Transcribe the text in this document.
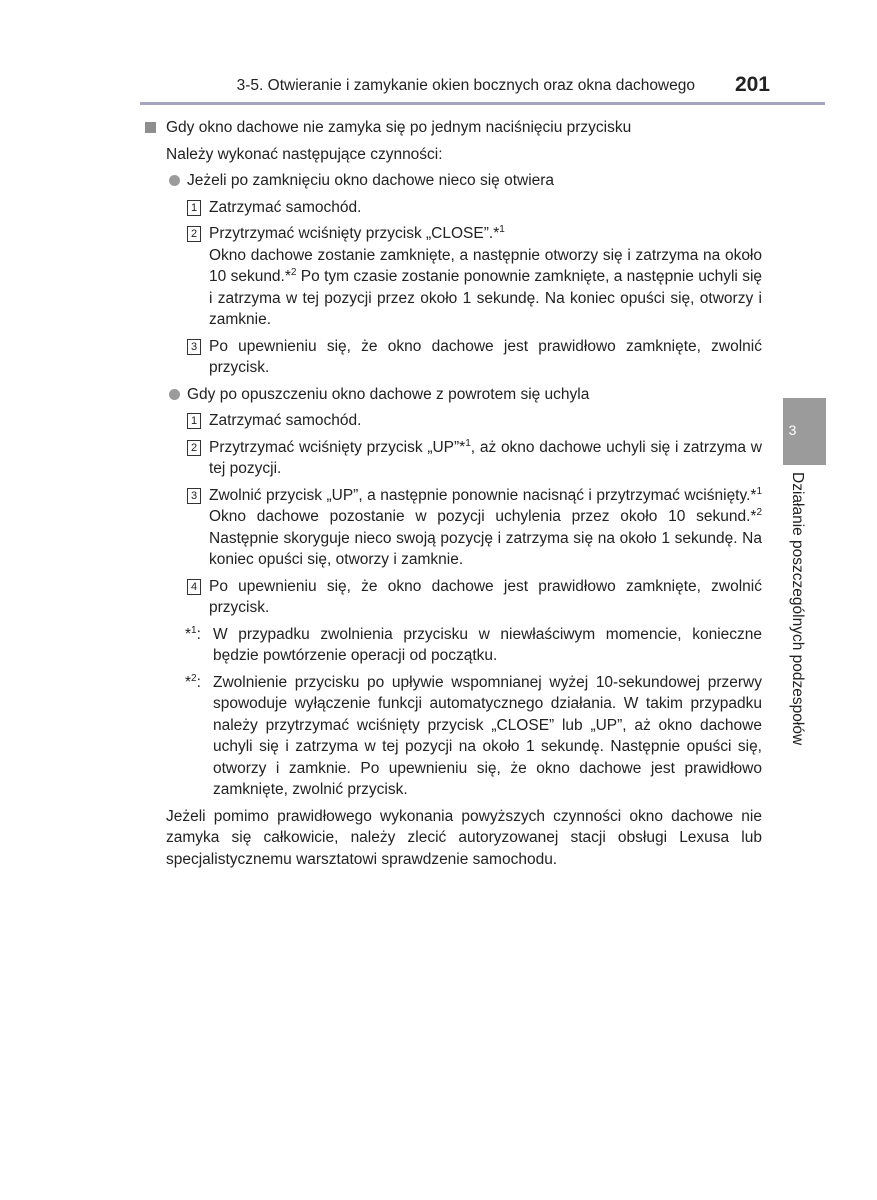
3-5. Otwieranie i zamykanie okien bocznych oraz okna dachowego	201
3
Działanie poszczególnych podzespołów
Gdy okno dachowe nie zamyka się po jednym naciśnięciu przycisku

Należy wykonać następujące czynności:

Jeżeli po zamknięciu okno dachowe nieco się otwiera
1 Zatrzymać samochód.
2 Przytrzymać wciśnięty przycisk „CLOSE”.*$^1$
Okno dachowe zostanie zamknięte, a następnie otworzy się i zatrzyma na około 10 sekund.*$^2$ Po tym czasie zostanie ponownie zamknięte, a następnie uchyli się i zatrzyma w tej pozycji przez około 1 sekundę. Na koniec opuści się, otworzy i zamknie.
3 Po upewnieniu się, że okno dachowe jest prawidłowo zamknięte, zwolnić przycisk.
Gdy po opuszczeniu okno dachowe z powrotem się uchyla
1 Zatrzymać samochód.
2 Przytrzymać wciśnięty przycisk „UP”*$^1$, aż okno dachowe uchyli się i zatrzyma w tej pozycji.
3 Zwolnić przycisk „UP”, a następnie ponownie nacisnąć i przytrzymać wciśnięty.*$^1$ Okno dachowe pozostanie w pozycji uchylenia przez około 10 sekund.*$^2$ Następnie skoryguje nieco swoją pozycję i zatrzyma się na około 1 sekundę. Na koniec opuści się, otworzy i zamknie.
4 Po upewnieniu się, że okno dachowe jest prawidłowo zamknięte, zwolnić przycisk.
*$^1$: W przypadku zwolnienia przycisku w niewłaściwym momencie, konieczne będzie powtórzenie operacji od początku.
*$^2$: Zwolnienie przycisku po upływie wspomnianej wyżej 10-sekundowej przerwy spowoduje wyłączenie funkcji automatycznego działania. W takim przypadku należy przytrzymać wciśnięty przycisk „CLOSE” lub „UP”, aż okno dachowe uchyli się i zatrzyma w tej pozycji na około 1 sekundę. Następnie opuści się, otworzy i zamknie. Po upewnieniu się, że okno dachowe jest prawidłowo zamknięte, zwolnić przycisk.

Jeżeli pomimo prawidłowego wykonania powyższych czynności okno dachowe nie zamyka się całkowicie, należy zlecić autoryzowanej stacji obsługi Lexusa lub specjalistycznemu warsztatowi sprawdzenie samochodu.
